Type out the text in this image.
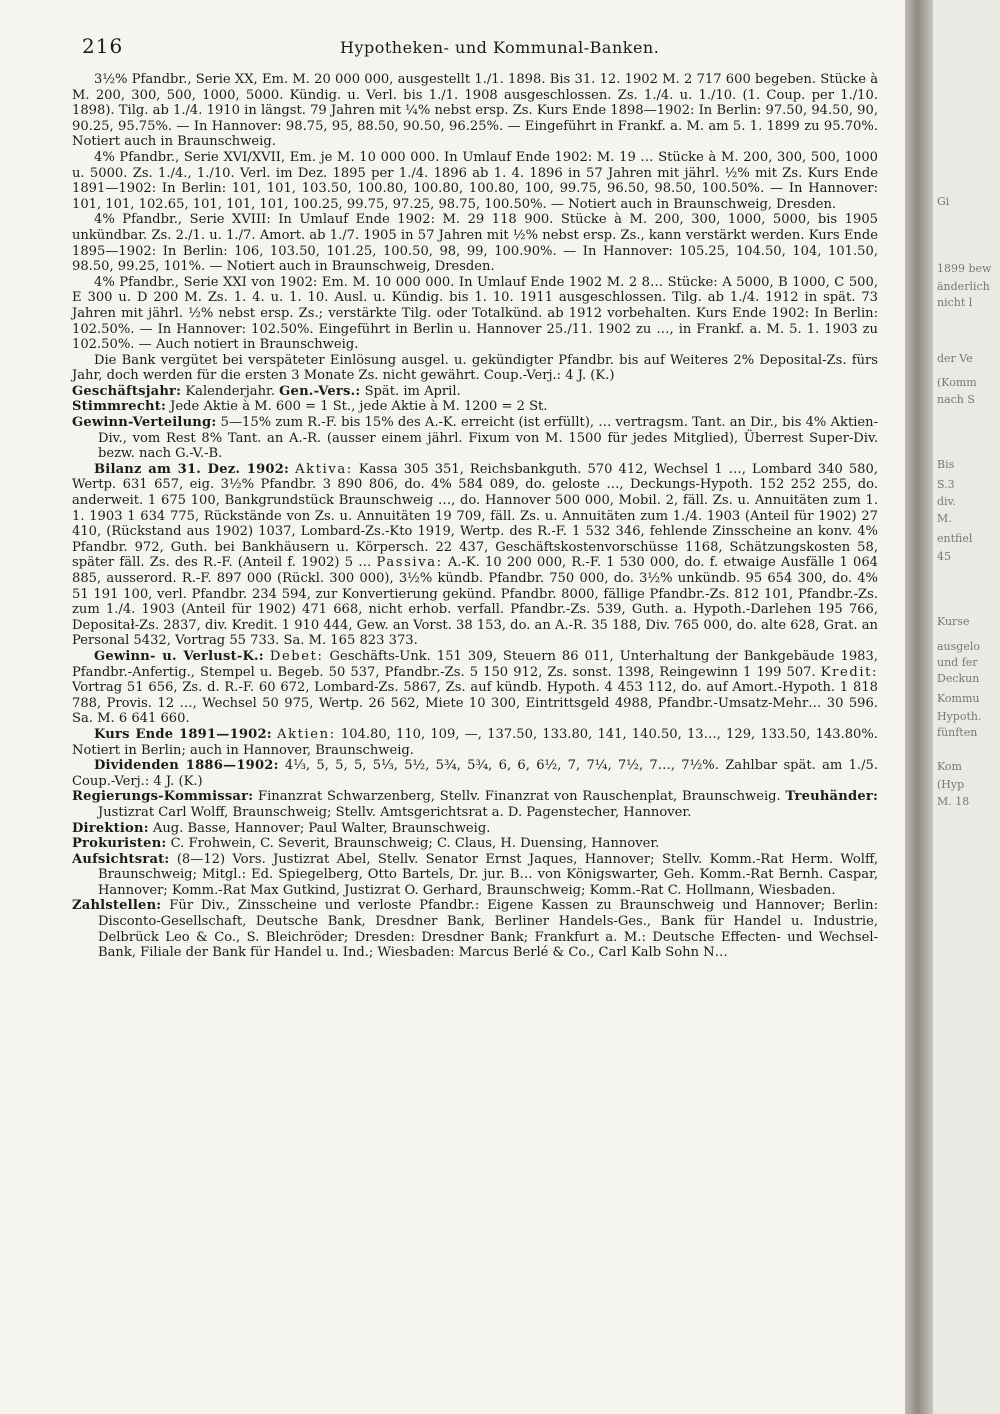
216	Hypotheken- und Kommunal-Banken.

3½% Pfandbr., Serie XX, Em. M. 20 000 000, ausgestellt 1./1. 1898. Bis 31. 12. 1902 M. 2 717 600 begeben. Stücke à M. 200, 300, 500, 1000, 5000. Kündig. u. Verl. bis 1./1. 1908 ausgeschlossen. Zs. 1./4. u. 1./10. (1. Coup. per 1./10. 1898). Tilg. ab 1./4. 1910 in längst. 79 Jahren mit ¼% nebst ersp. Zs. Kurs Ende 1898—1902: In Berlin: 97.50, 94.50, 90, 90.25, 95.75%. — In Hannover: 98.75, 95, 88.50, 90.50, 96.25%. — Eingeführt in Frankf. a. M. am 5. 1. 1899 zu 95.70%. Notiert auch in Braunschweig.

4% Pfandbr., Serie XVI/XVII, Em. je M. 10 000 000. In Umlauf Ende 1902: M. 19 … Stücke à M. 200, 300, 500, 1000 u. 5000. Zs. 1./4., 1./10. Verl. im Dez. 1895 per 1./4. 1896 ab 1. 4. 1896 in 57 Jahren mit jährl. ½% mit Zs. Kurs Ende 1891—1902: In Berlin: 101, 101, 103.50, 100.80, 100.80, 100.80, 100, 99.75, 96.50, 98.50, 100.50%. — In Hannover: 101, 101, 102.65, 101, 101, 101, 100.25, 99.75, 97.25, 98.75, 100.50%. — Notiert auch in Braunschweig, Dresden.

4% Pfandbr., Serie XVIII: In Umlauf Ende 1902: M. 29 118 900. Stücke à M. 200, 300, 1000, 5000, bis 1905 unkündbar. Zs. 2./1. u. 1./7. Amort. ab 1./7. 1905 in 57 Jahren mit ½% nebst ersp. Zs., kann verstärkt werden. Kurs Ende 1895—1902: In Berlin: 106, 103.50, 101.25, 100.50, 98, 99, 100.90%. — In Hannover: 105.25, 104.50, 104, 101.50, 98.50, 99.25, 101%. — Notiert auch in Braunschweig, Dresden.

4% Pfandbr., Serie XXI von 1902: Em. M. 10 000 000. In Umlauf Ende 1902 M. 2 8… Stücke: A 5000, B 1000, C 500, E 300 u. D 200 M. Zs. 1. 4. u. 1. 10. Ausl. u. Kündig. bis 1. 10. 1911 ausgeschlossen. Tilg. ab 1./4. 1912 in spät. 73 Jahren mit jährl. ½% nebst ersp. Zs.; verstärkte Tilg. oder Totalkünd. ab 1912 vorbehalten. Kurs Ende 1902: In Berlin: 102.50%. — In Hannover: 102.50%. Eingeführt in Berlin u. Hannover 25./11. 1902 zu …, in Frankf. a. M. 5. 1. 1903 zu 102.50%. — Auch notiert in Braunschweig.

Die Bank vergütet bei verspäteter Einlösung ausgel. u. gekündigter Pfandbr. bis auf Weiteres 2% Deposital-Zs. fürs Jahr, doch werden für die ersten 3 Monate Zs. nicht gewährt. Coup.-Verj.: 4 J. (K.)

Geschäftsjahr: Kalenderjahr. Gen.-Vers.: Spät. im April.

Stimmrecht: Jede Aktie à M. 600 = 1 St., jede Aktie à M. 1200 = 2 St.

Gewinn-Verteilung: 5—15% zum R.-F. bis 15% des A.-K. erreicht (ist erfüllt), … vertragsm. Tant. an Dir., bis 4% Aktien-Div., vom Rest 8% Tant. an A.-R. (ausser einem jährl. Fixum von M. 1500 für jedes Mitglied), Überrest Super-Div. bezw. nach G.-V.-B.

Bilanz am 31. Dez. 1902: Aktiva: Kassa 305 351, Reichsbankguth. 570 412, Wechsel 1 …, Lombard 340 580, Wertp. 631 657, eig. 3½% Pfandbr. 3 890 806, do. 4% 584 089, do. geloste …, Deckungs-Hypoth. 152 252 255, do. anderweit. 1 675 100, Bankgrundstück Braunschweig …, do. Hannover 500 000, Mobil. 2, fäll. Zs. u. Annuitäten zum 1. 1. 1903 1 634 775, Rückstände von Zs. u. Annuitäten 19 709, fäll. Zs. u. Annuitäten zum 1./4. 1903 (Anteil für 1902) 27 410, (Rückstand aus 1902) 1037, Lombard-Zs.-Kto 1919, Wertp. des R.-F. 1 532 346, fehlende Zinsscheine an konv. 4% Pfandbr. 972, Guth. bei Bankhäusern u. Körpersch. 22 437, Geschäftskostenvorschüsse 1168, Schätzungskosten 58, später fäll. Zs. des R.-F. (Anteil f. 1902) 5 … Passiva: A.-K. 10 200 000, R.-F. 1 530 000, do. f. etwaige Ausfälle 1 064 885, ausserord. R.-F. 897 000 (Rückl. 300 000), 3½% kündb. Pfandbr. 750 000, do. 3½% unkündb. 95 654 300, do. 4% 51 191 100, verl. Pfandbr. 234 594, zur Konvertierung gekünd. Pfandbr. 8000, fällige Pfandbr.-Zs. 812 101, Pfandbr.-Zs. zum 1./4. 1903 (Anteil für 1902) 471 668, nicht erhob. verfall. Pfandbr.-Zs. 539, Guth. a. Hypoth.-Darlehen 195 766, Depositał-Zs. 2837, div. Kredit. 1 910 444, Gew. an Vorst. 38 153, do. an A.-R. 35 188, Div. 765 000, do. alte 628, Grat. an Personal 5432, Vortrag 55 733. Sa. M. 165 823 373.

Gewinn- u. Verlust-K.: Debet: Geschäfts-Unk. 151 309, Steuern 86 011, Unterhaltung der Bankgebäude 1983, Pfandbr.-Anfertig., Stempel u. Begeb. 50 537, Pfandbr.-Zs. 5 150 912, Zs. sonst. 1398, Reingewinn 1 199 507. Kredit: Vortrag 51 656, Zs. d. R.-F. 60 672, Lombard-Zs. 5867, Zs. auf kündb. Hypoth. 4 453 112, do. auf Amort.-Hypoth. 1 818 788, Provis. 12 …, Wechsel 50 975, Wertp. 26 562, Miete 10 300, Eintrittsgeld 4988, Pfandbr.-Umsatz-Mehr… 30 596. Sa. M. 6 641 660.

Kurs Ende 1891—1902: Aktien: 104.80, 110, 109, —, 137.50, 133.80, 141, 140.50, 13…, 129, 133.50, 143.80%. Notiert in Berlin; auch in Hannover, Braunschweig.

Dividenden 1886—1902: 4⅓, 5, 5, 5, 5⅓, 5½, 5¾, 5¾, 6, 6, 6½, 7, 7¼, 7½, 7…, 7½%. Zahlbar spät. am 1./5. Coup.-Verj.: 4 J. (K.)

Regierungs-Kommissar: Finanzrat Schwarzenberg, Stellv. Finanzrat von Rauschenplat, Braunschweig. Treuhänder: Justizrat Carl Wolff, Braunschweig; Stellv. Amtsgerichtsrat a. D. Pagenstecher, Hannover.

Direktion: Aug. Basse, Hannover; Paul Walter, Braunschweig.

Prokuristen: C. Frohwein, C. Severit, Braunschweig; C. Claus, H. Duensing, Hannover.

Aufsichtsrat: (8—12) Vors. Justizrat Abel, Stellv. Senator Ernst Jaques, Hannover; Stellv. Komm.-Rat Herm. Wolff, Braunschweig; Mitgl.: Ed. Spiegelberg, Otto Bartels, Dr. jur. B… von Königswarter, Geh. Komm.-Rat Bernh. Caspar, Hannover; Komm.-Rat Max Gutkind, Justizrat O. Gerhard, Braunschweig; Komm.-Rat C. Hollmann, Wiesbaden.

Zahlstellen: Für Div., Zinsscheine und verloste Pfandbr.: Eigene Kassen zu Braunschweig und Hannover; Berlin: Disconto-Gesellschaft, Deutsche Bank, Dresdner Bank, Berliner Handels-Ges., Bank für Handel u. Industrie, Delbrück Leo & Co., S. Bleichröder; Dresden: Dresdner Bank; Frankfurt a. M.: Deutsche Effecten- und Wechsel-Bank, Filiale der Bank für Handel u. Ind.; Wiesbaden: Marcus Berlé & Co., Carl Kalb Sohn N…

Gi
1899 bew
änderlich
nicht l
der Ve
(Komm
nach S
Bis
S.3
div.
M.
entfiel
45
Kurse
ausgelo
und fer
Deckun
Kommu
Hypoth.
fünften
Kom
(Hyp
M. 18
